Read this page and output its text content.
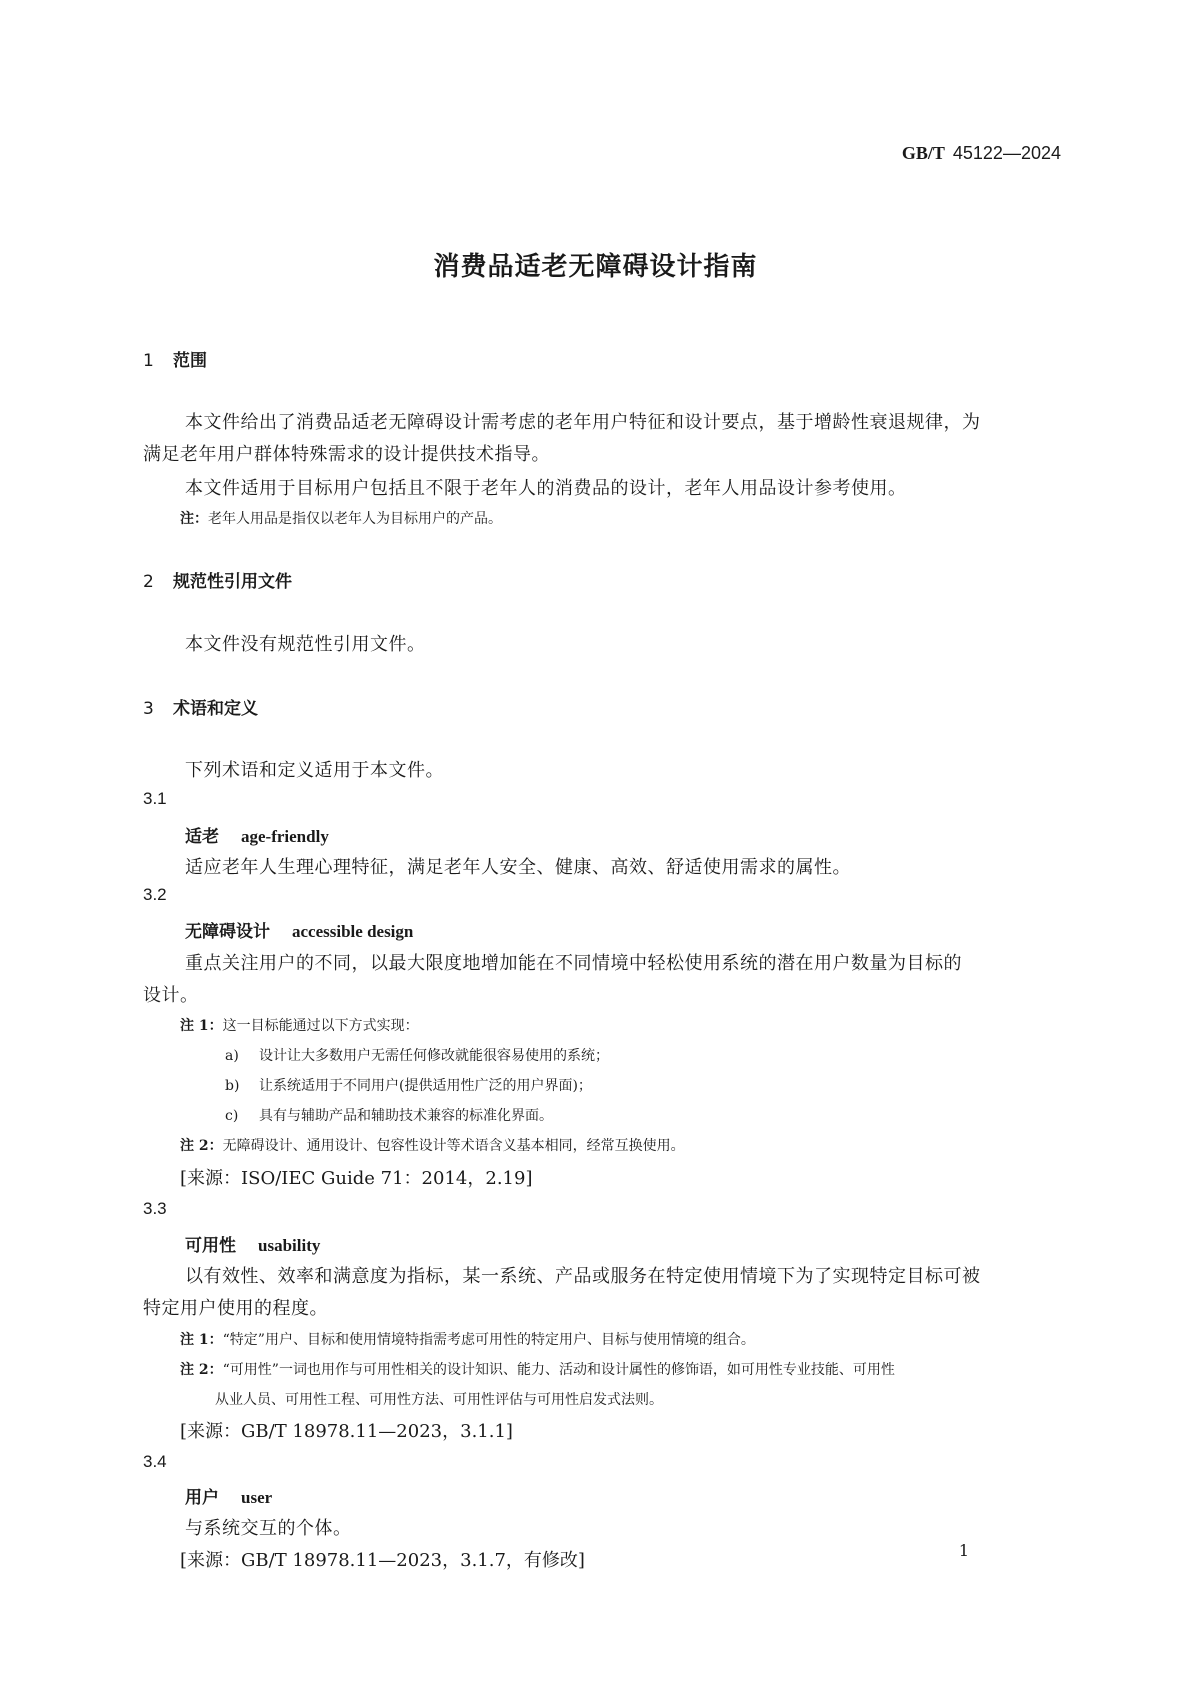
GB/T 45122—2024
消费品适老无障碍设计指南
1 范围
本文件给出了消费品适老无障碍设计需考虑的老年用户特征和设计要点，基于增龄性衰退规律，为
满足老年用户群体特殊需求的设计提供技术指导。
本文件适用于目标用户包括且不限于老年人的消费品的设计，老年人用品设计参考使用。
注：老年人用品是指仅以老年人为目标用户的产品。
2 规范性引用文件
本文件没有规范性引用文件。
3 术语和定义
下列术语和定义适用于本文件。
3.1
适老 age-friendly
适应老年人生理心理特征，满足老年人安全、健康、高效、舒适使用需求的属性。
3.2
无障碍设计 accessible design
重点关注用户的不同，以最大限度地增加能在不同情境中轻松使用系统的潜在用户数量为目标的
设计。
注 1：这一目标能通过以下方式实现：
a) 设计让大多数用户无需任何修改就能很容易使用的系统；
b) 让系统适用于不同用户(提供适用性广泛的用户界面)；
c) 具有与辅助产品和辅助技术兼容的标准化界面。
注 2：无障碍设计、通用设计、包容性设计等术语含义基本相同，经常互换使用。
[来源：ISO/IEC Guide 71：2014，2.19]
3.3
可用性 usability
以有效性、效率和满意度为指标，某一系统、产品或服务在特定使用情境下为了实现特定目标可被
特定用户使用的程度。
注 1：“特定”用户、目标和使用情境特指需考虑可用性的特定用户、目标与使用情境的组合。
注 2：“可用性”一词也用作与可用性相关的设计知识、能力、活动和设计属性的修饰语，如可用性专业技能、可用性
从业人员、可用性工程、可用性方法、可用性评估与可用性启发式法则。
[来源：GB/T 18978.11—2023，3.1.1]
3.4
用户 user
与系统交互的个体。
[来源：GB/T 18978.11—2023，3.1.7，有修改]	1
